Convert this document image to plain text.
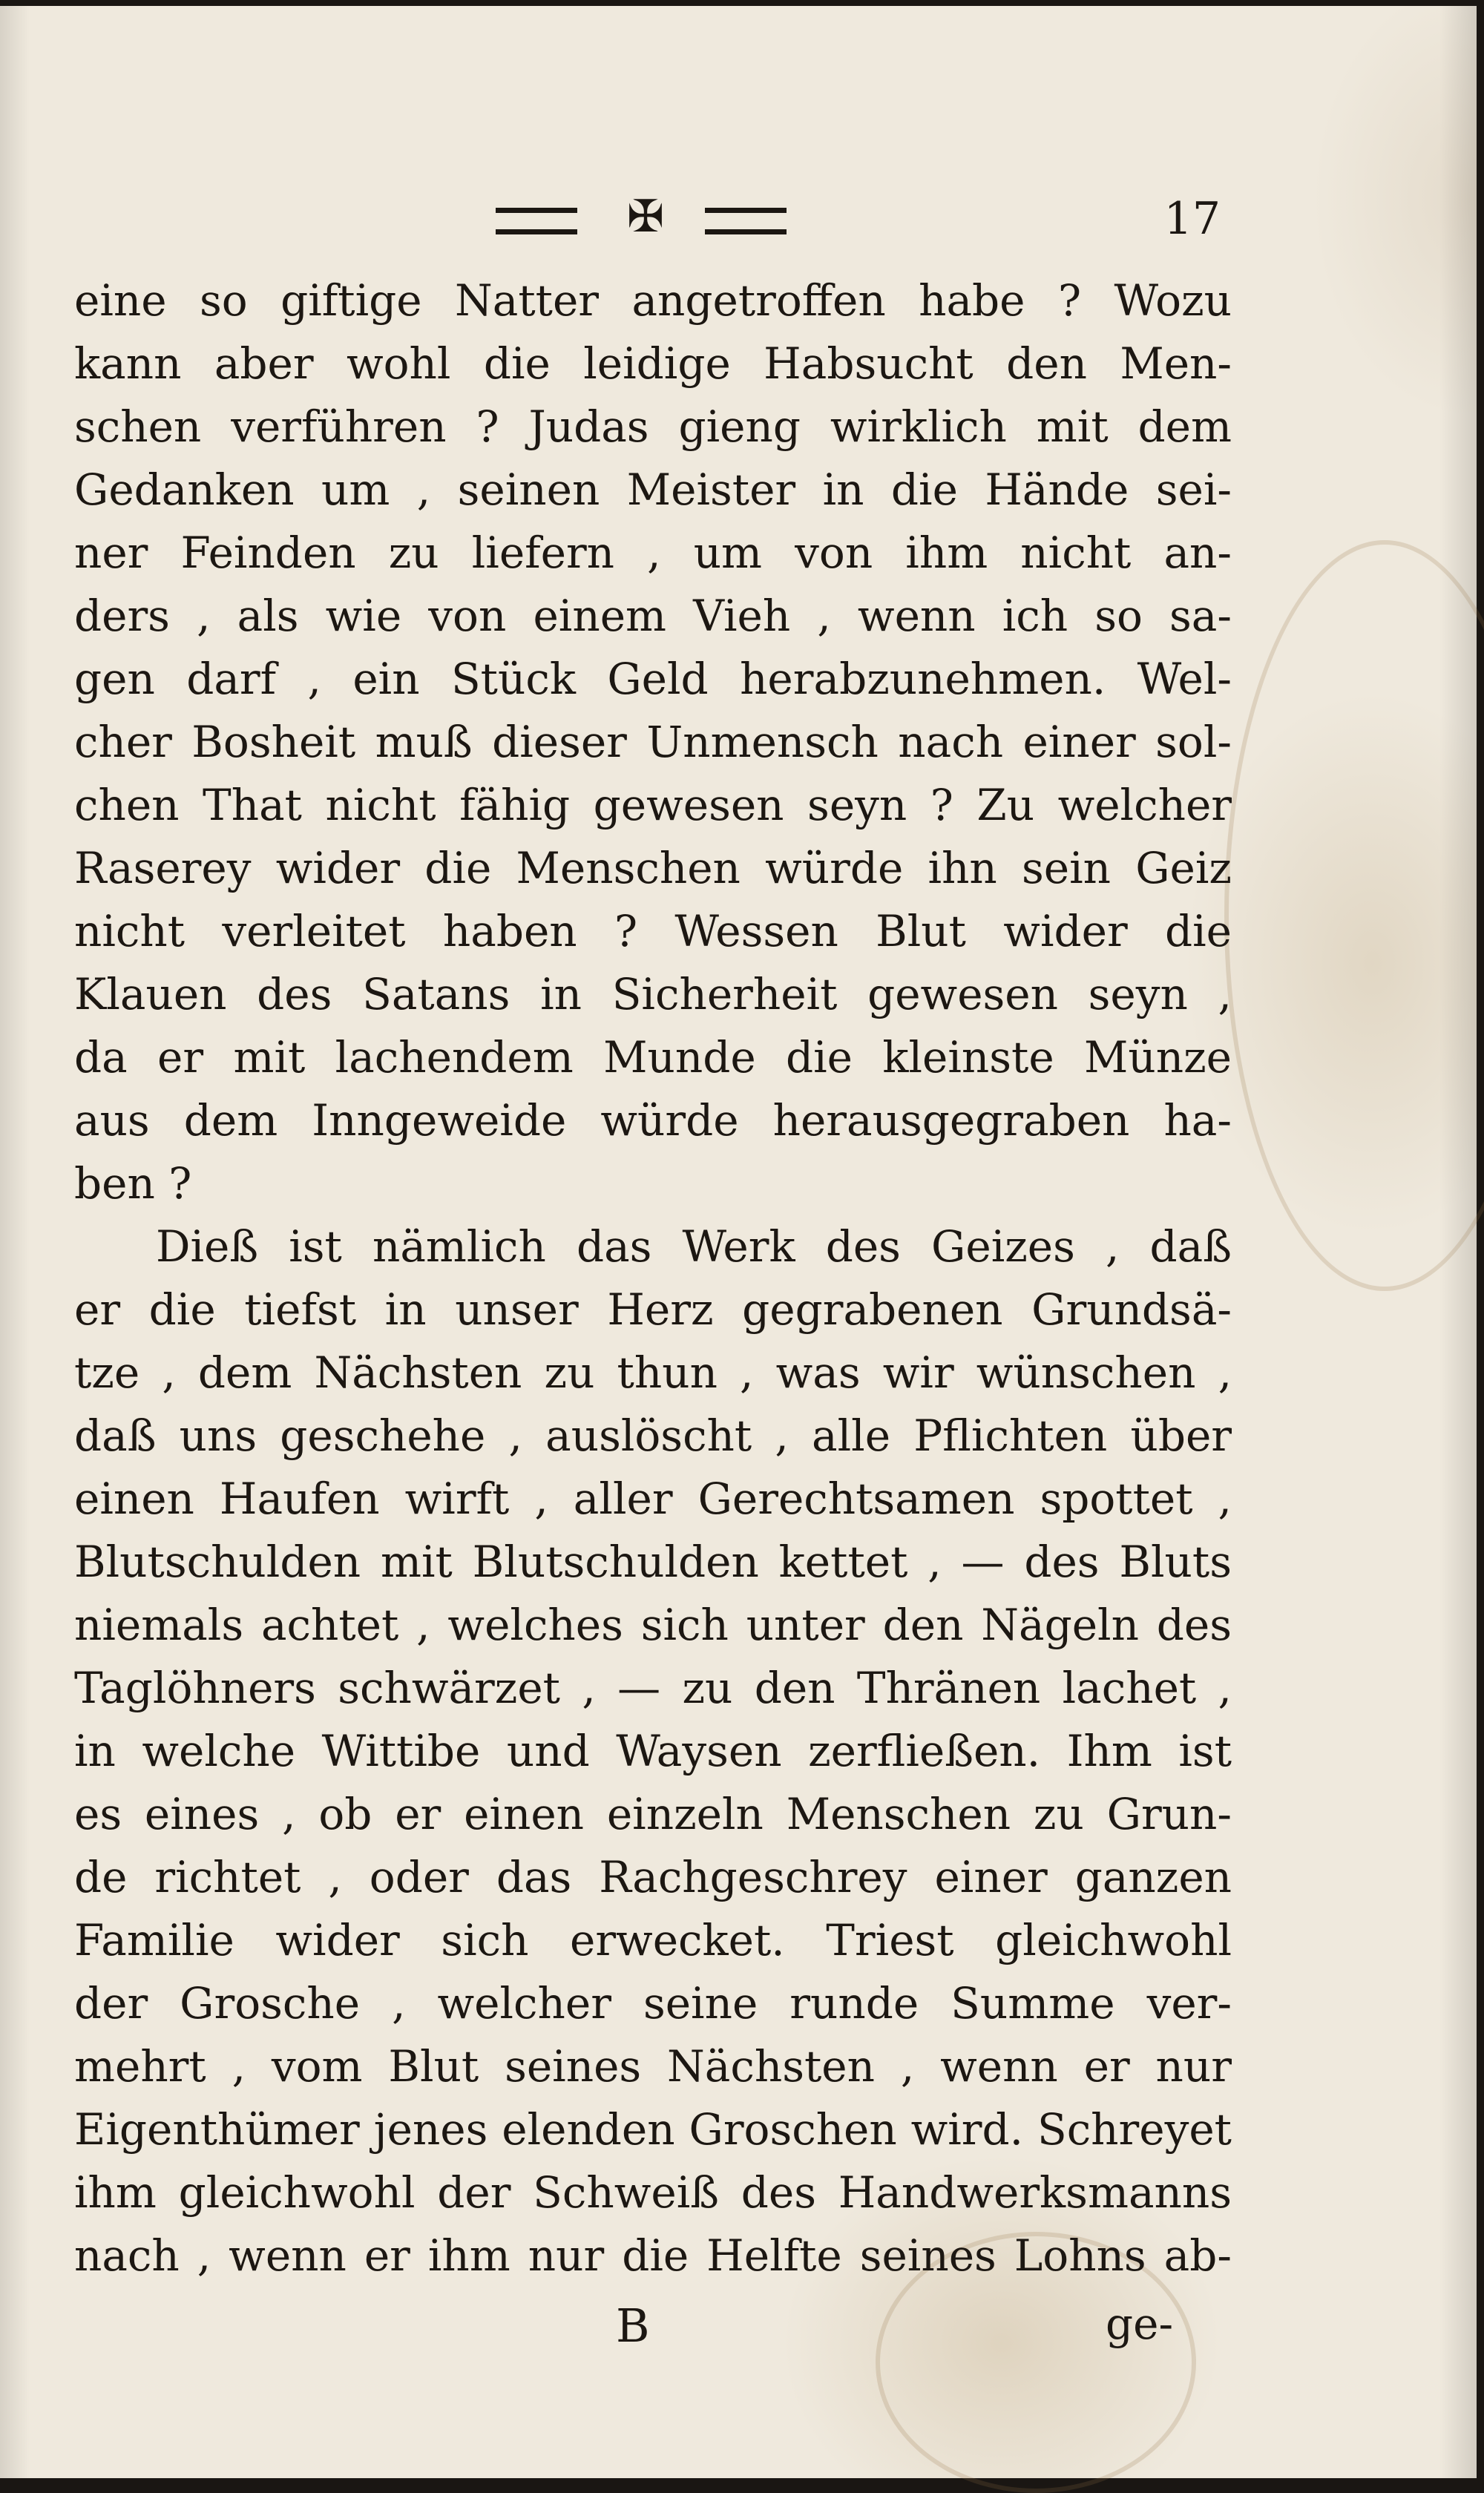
✠	17
eine so giftige Natter angetroffen habe ? Wozu
kann aber wohl die leidige Habsucht den Men-
schen verführen ? Judas gieng wirklich mit dem
Gedanken um , seinen Meister in die Hände sei-
ner Feinden zu liefern , um von ihm nicht an-
ders , als wie von einem Vieh , wenn ich so sa-
gen darf , ein Stück Geld herabzunehmen. Wel-
cher Bosheit muß dieser Unmensch nach einer sol-
chen That nicht fähig gewesen seyn ? Zu welcher
Raserey wider die Menschen würde ihn sein Geiz
nicht verleitet haben ? Wessen Blut wider die
Klauen des Satans in Sicherheit gewesen seyn ,
da er mit lachendem Munde die kleinste Münze
aus dem Inngeweide würde herausgegraben ha-
ben ?
Dieß ist nämlich das Werk des Geizes , daß
er die tiefst in unser Herz gegrabenen Grundsä-
tze , dem Nächsten zu thun , was wir wünschen ,
daß uns geschehe , auslöscht , alle Pflichten über
einen Haufen wirft , aller Gerechtsamen spottet ,
Blutschulden mit Blutschulden kettet , — des Bluts
niemals achtet , welches sich unter den Nägeln des
Taglöhners schwärzet , — zu den Thränen lachet ,
in welche Wittibe und Waysen zerfließen. Ihm ist
es eines , ob er einen einzeln Menschen zu Grun-
de richtet , oder das Rachgeschrey einer ganzen
Familie wider sich erwecket. Triest gleichwohl
der Grosche , welcher seine runde Summe ver-
mehrt , vom Blut seines Nächsten , wenn er nur
Eigenthümer jenes elenden Groschen wird. Schreyet
ihm gleichwohl der Schweiß des Handwerksmanns
nach , wenn er ihm nur die Helfte seines Lohns ab-
B	ge-
